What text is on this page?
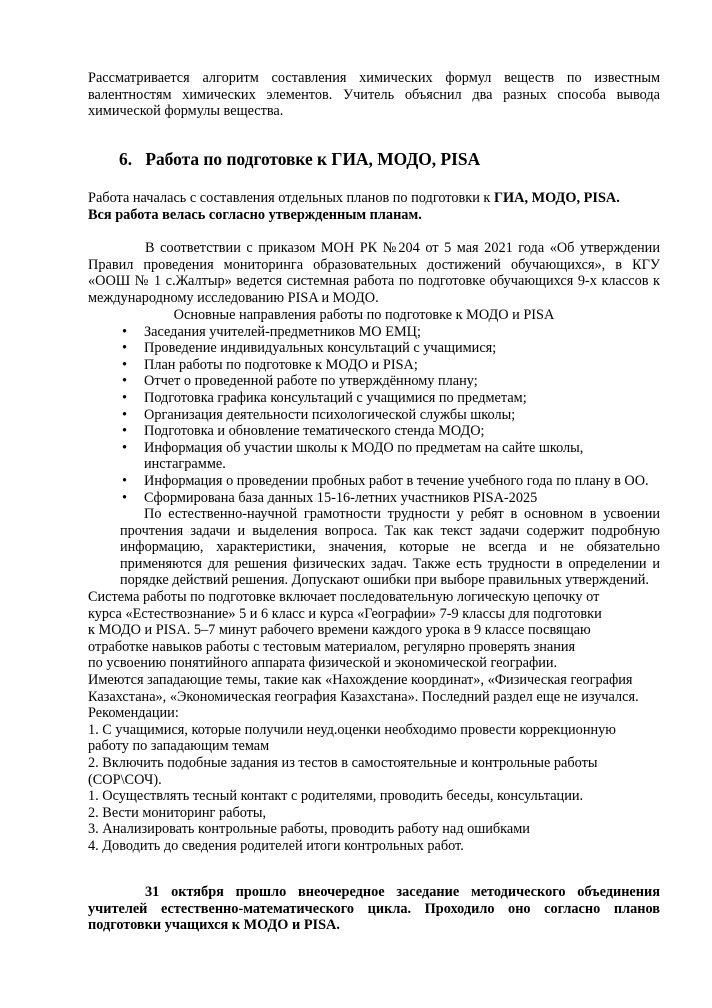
Рассматривается алгоритм составления химических формул веществ по известным валентностям химических элементов. Учитель объяснил два разных способа вывода химической формулы вещества.

6. Работа по подготовке к ГИА, МОДО, PISA

Работа началась с составления отдельных планов по подготовки к ГИА, МОДО, PISA.

Вся работа велась согласно утвержденным планам.

В соответствии с приказом МОН РК №204 от 5 мая 2021 года «Об утверждении Правил проведения мониторинга образовательных достижений обучающихся», в КГУ «ООШ № 1 с.Жалтыр» ведется системная работа по подготовке обучающихся 9-х классов к международному исследованию PISA и МОДО.

Основные направления работы по подготовке к МОДО и PISA

• Заседания учителей-предметников МО ЕМЦ;
• Проведение индивидуальных консультаций с учащимися;
• План работы по подготовке к МОДО и PISA;
• Отчет о проведенной работе по утверждённому плану;
• Подготовка графика консультаций с учащимися по предметам;
• Организация деятельности психологической службы школы;
• Подготовка и обновление тематического стенда МОДО;
• Информация об участии школы к МОДО по предметам на сайте школы, инстаграмме.
• Информация о проведении пробных работ в течение учебного года по плану в ОО.
• Сформирована база данных 15-16-летних участников PISA-2025

По естественно-научной грамотности трудности у ребят в основном в усвоении прочтения задачи и выделения вопроса. Так как текст задачи содержит подробную информацию, характеристики, значения, которые не всегда и не обязательно применяются для решения физических задач. Также есть трудности в определении и порядке действий решения. Допускают ошибки при выборе правильных утверждений.

Система работы по подготовке включает последовательную логическую цепочку от

курса «Естествознание» 5 и 6 класс и курса «Географии» 7-9 классы для подготовки

к МОДО и PISA. 5–7 минут рабочего времени каждого урока в 9 классе посвящаю

отработке навыков работы с тестовым материалом, регулярно проверять знания

по усвоению понятийного аппарата физической и экономической географии.

Имеются западающие темы, такие как «Нахождение координат», «Физическая география

Казахстана», «Экономическая география Казахстана». Последний раздел еще не изучался.

Рекомендации:

1. С учащимися, которые получили неуд.оценки необходимо провести коррекционную

работу по западающим темам

2. Включить подобные задания из тестов в самостоятельные и контрольные работы

(СОР\СОЧ).

1. Осуществлять тесный контакт с родителями, проводить беседы, консультации.

2. Вести мониторинг работы,

3. Анализировать контрольные работы, проводить работу над ошибками

4. Доводить до сведения родителей итоги контрольных работ.

31 октября прошло внеочередное заседание методического объединения учителей естественно-математического цикла. Проходило оно согласно планов подготовки учащихся к МОДО и PISA.
